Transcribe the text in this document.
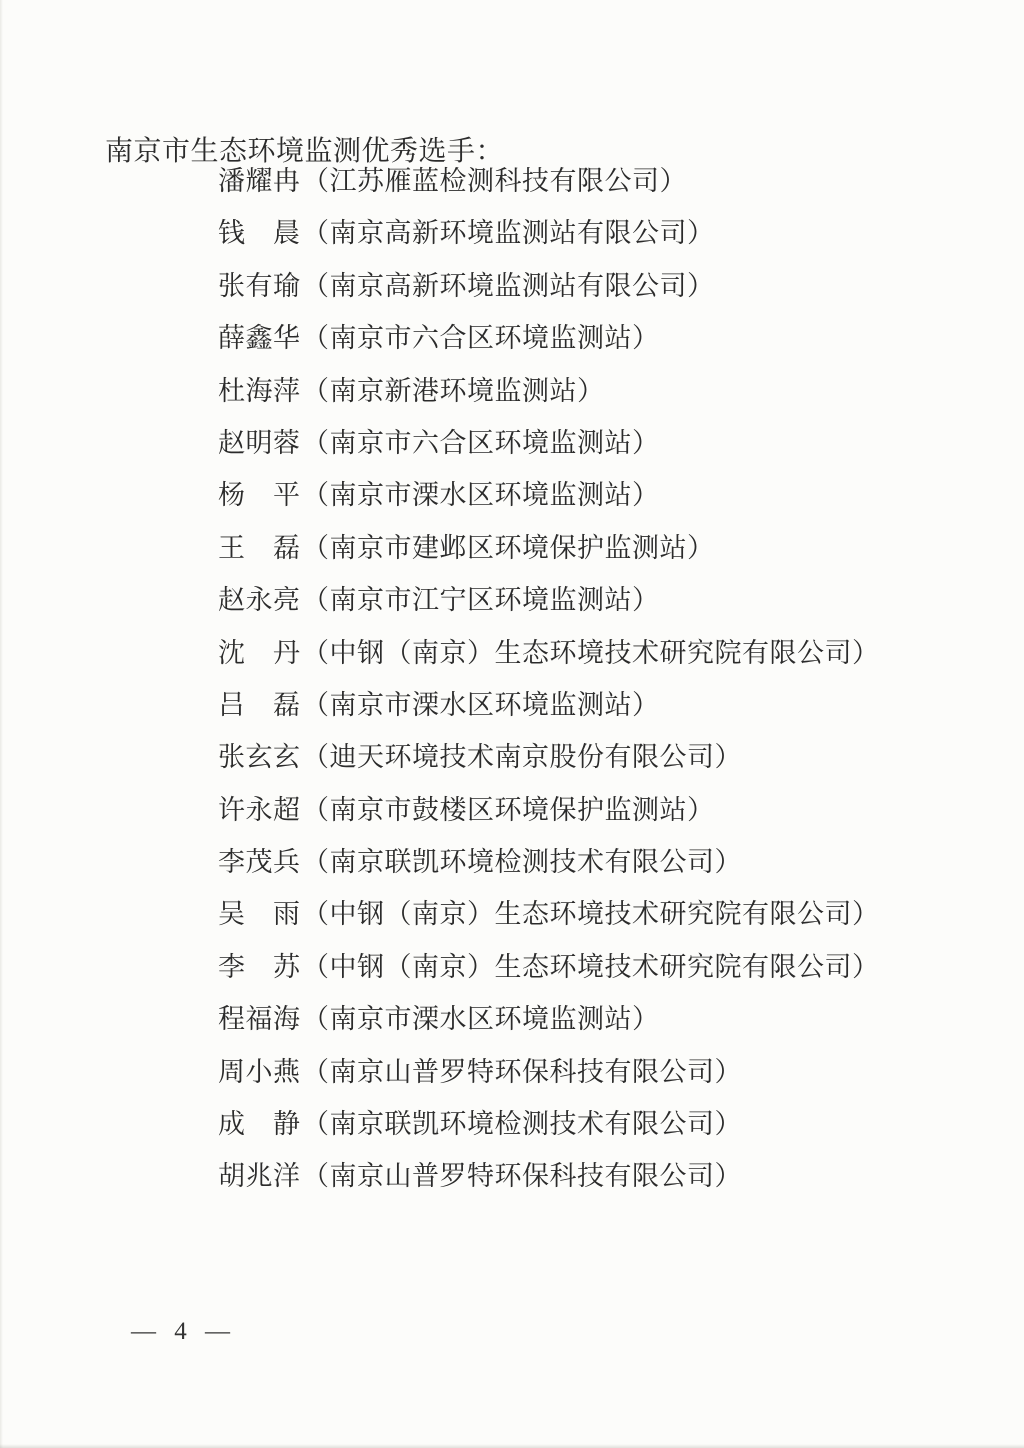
南京市生态环境监测优秀选手：

潘耀冉（江苏雁蓝检测科技有限公司）
钱　晨（南京高新环境监测站有限公司）
张有瑜（南京高新环境监测站有限公司）
薛鑫华（南京市六合区环境监测站）
杜海萍（南京新港环境监测站）
赵明蓉（南京市六合区环境监测站）
杨　平（南京市溧水区环境监测站）
王　磊（南京市建邺区环境保护监测站）
赵永亮（南京市江宁区环境监测站）
沈　丹（中钢（南京）生态环境技术研究院有限公司）
吕　磊（南京市溧水区环境监测站）
张玄玄（迪天环境技术南京股份有限公司）
许永超（南京市鼓楼区环境保护监测站）
李茂兵（南京联凯环境检测技术有限公司）
吴　雨（中钢（南京）生态环境技术研究院有限公司）
李　苏（中钢（南京）生态环境技术研究院有限公司）
程福海（南京市溧水区环境监测站）
周小燕（南京山普罗特环保科技有限公司）
成　静（南京联凯环境检测技术有限公司）
胡兆洋（南京山普罗特环保科技有限公司）
— 4 —
